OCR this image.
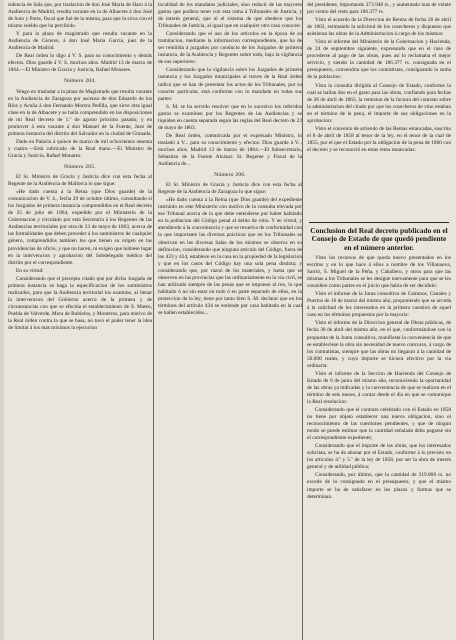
sidencia de Sala que, por traslacion de don José María de Haro á la Audiencia de Madrid, resulta vacante en la de Albacete á don José de Soto y Porte, fiscal que fué de la misma, para que la sirva con el mismo sueldo que ha percibido.

Y para la plaza de magistrado que resulta vacante en la Audiencia de Cáceres, á don José María García, juez de la Audiencia de Madrid.

De Real órden lo digo á V. S. para su conocimiento y demás efectos. Dios guarde á V. S. muchos años. Madrid 13 de marzo de 1864.—El Ministro de Gracia y Justicia, Rafael Monares.

Número 204.

Vengo en trasladar a la plaza de Magistrado que resulta vacante en la Audiencia de Zaragoza por ascenso de don Eduardo de los Ríos y Acuña á don Fernando Morera Pedilla, que sirve otra igual clase en la de Albacete y se halla comprendido en las disposiciones de mi Real decreto de 1.º de agosto próximo pasado; y en promover á esta vacante á don Manuel de la Fuente, Juez de primera instancia del distrito del Salvador en la ciudad de Granada.

Dado en Palacio á quince de marzo de mil ochocientos sesenta y cuatro.—Está rubricado de la Real mano.—El Ministro de Gracia y Justicia, Rafael Monares.

Número 205.

El Sr. Ministro de Gracia y Justicia dice con esta fecha al Regente de la Audiencia de Mallorca lo que sigue:

«He dado cuenta á la Reina (que Dios guarde) de la comunicacion de V. S., fecha 29 de octubre último, consultando si los Juzgados de primera instancia comprendidos en el Real decreto de 25 de julio de 1864, expedido por el Ministerio de la Gobernacion y circulado por esta Secretaría á los Regentes de las Audiencias territoriales por otra de 23 de mayo de 1863, acerca de las formalidades que deben preceder á los suministros de cualquier género, comprendidos tambien los que tienen su origen en las providencias de oficio, y que no hacen, ni exigen que hubiese lugar en la intervencion y aprobacion del Subdelegado médico del distrito por el correspondiente.

En su virtud:

Considerando que el precepto citado que por dicho Juzgado de primera instancia se haga la especificacion de los suministros realizados, para que la Audiencia territorial los examine, al llenar la intervencion del Gobierno acerca de la primera y de circunstancias con que se efectúa el establecimiento de S. Mateo, Puebla de Valverde, Mora de Rubielos, y Monteros, para motivo de la Real órden contra la que se basa, no tuvo el poder tener la idea de limitar á los más mínimos la ejecucion

localidad de los mandatos judiciales, sino reducir de las mayores gastos que pudiera tener con esta rama á Tribunales de Justicia, y de interés general, que ni el sistema de que obedece que los Tribunales de Justicia, al igual que en cualquier otro caso conocen:

Considerando que el uso de los articulos en la época de su tramitacion, mediante la informacion correspondiente, que ha de ser remitida á juzgados por conducto de los Juzgados de primera instancia, de la Audiencia y Regentes sobre todo, bajo la vigilancia de sus superiores:

Considerando que la vigilancia sobre los Juzgados de primera instancia y los Juzgados municipales al traves de la Real órden indica que se han de presentar los actos de los Tribunales, por su caracter particular, está conforme con lo mandado en todas sus partes:

S. M. se ha servido resolver que en lo sucesivo los referidos gastos se examinen por los Regentes de las Audiencias y se liquiden en cuenta separada segun las reglas del Real decreto de 23 de mayo de 1863.

De Real órden, comunicada por el expresado Ministro, lo traslado á V... para su conocimiento y efectos. Dios guarde á V... muchos años. Madrid 13 de marzo de 1864.—El Subsecretario, Sebastian de la Fuente Alcázar. Sr. Regente y Fiscal de la Audiencia de...

Número 206.

El Sr. Ministro de Gracia y Justicia dice con esta fecha al Regente de la Audiencia de Zaragoza lo que sigue:

«He dado cuenta á la Reina (que Dios guarde) del expediente instruido en este Ministerio con motivo de la consulta elevada por ese Tribunal acerca de la que debe entenderse por haber habitado en la poblacion del Código penal al delito de robo. Y en virtud, y atendiendo á la conveniencia y que se resuelva de conformidad con lo que importante las diversas prácticas que en los Tribunales se observan en las diversas Salas de los mismos se observa en su definicion, considerando que ninguna articulo del Código, fuera de los 433 y 434, establece en la casa en la propiedad de la legislacion y que en los casos del Código hay una sola pena distinta; y considerando que, por razon de los materiales, y hasta que se observen en las provincias que las ordinariamente en la vía civil, se han utilizado siempre de las penas que se imponen al reo, lo que habitado ó no sin estar en todo ó en parte separado de ellos, en la proteccion de la ley, tiene por tanto bien S. M. declarar que en los términos del artículo 434 se entiende por casa habitada en la cual se hallen establecidos...

del presidente, importando 273.948 rs., y aumentado mas de veinte por ciento del resto para 186.377 rs.

Visto el acuerdo de la Direccion de Rentas de fecha 26 de abril de 1862, estimando la solicitud de los cosecheros y dispuesto que asistieran las obras de la Administracion á cargo de los mismos:

Visto el informe del Ministerio de la Gobernacion y Hacienda, de 24 de septiembre siguiente, expresando que en el caso de procederse al pago de las obras, pues así lo reclamaba el mejor servicio, y siendo la cantidad de 186.377 rs. consignada en el presupuesto, convendria que los contratistas, consignando la suma de la poblacion:

Vista la consulta dirigida al Consejo de Estado, conforme la cual se hallan dos en el gasto para las obras, confiando para fechas de 26 de abril de 1863, la remision de la factura del contrato sobre la administracion del citado por que los cosecheros de vino estaban en el término de la pena, el importe de sus obligaciones en la aprobacion:

Visto el convenio de arriendo de las Rentas estancadas, suscrito el 8 de abril de 1858 al tenor de la ley, en el tenor de la cual de 1855, por el que el Estado por la obligacion de la pena de 1860 con el decreto y se reconoció en estas renta estancadas:

Conclusion del Real decreto publicado en el Consejo de Estado de que quedó pendiente en el número anterior.

Visto los recursos de que queda nuevo presentados en los escritos y en lo que hace á ellos a nombre de los Villanueva, Sarrió, S. Miguel de la Peña, y Caballero, y otros para que las mismas a los Tribunales se les designe nuevamente para que se les considere como partes en el juicio que había de ser decidido:

Visto el informe de la Junta consultiva de Caminos, Canales y Puertos de 16 de marzo del mismo año, proponiendo que se acceda á la solicitud de los interesados en la primera cuestion de aquel caso en los términos propuestos por la mayoría:

Visto el informe de la Direccion general de Obras públicas, de fecha 30 de abril del mismo año, en el que, conformándose con la propuesta de la Junta consultiva, manifiesta la conveniencia de que se estableciese la obra sin necesidad de nuevo concurso, á cargo de los contratistas, siempre que las obras no llegaran á la cantidad de 50.000 reales, y cuyo importe se hiciera efectivo por la via ordinaria:

Visto el informe de la Seccion de Hacienda del Consejo de Estado de 9 de junio del mismo año, reconociendo la oportunidad de las obras ya indicadas y la conveniencia de que se realicen en el término de seis meses, á contar desde el dia en que se comunique la Real resolucion:

Considerando que el contrato celebrado con el Estado en 1858 no tiene por objeto establecer una nueva obligacion, sino el reconocimiento de las cuestiones pendientes, y que de ningun modo se puede estimar que la cantidad señalada deba pagarse sin el correspondiente expediente;

Considerando que el importe de las obras, que los interesados solicitan, se ha de abonar por el Estado, conforme á lo previsto en los artículos 4.º y 5.º de la ley de 1858, por ser la obra de interés general y de utilidad pública;

Considerando, por último, que la cantidad de 219.868 rs. no excede de lo consignado en el presupuesto, y que el mismo importe se ha de satisfacer en los plazos y formas que se determinan.
